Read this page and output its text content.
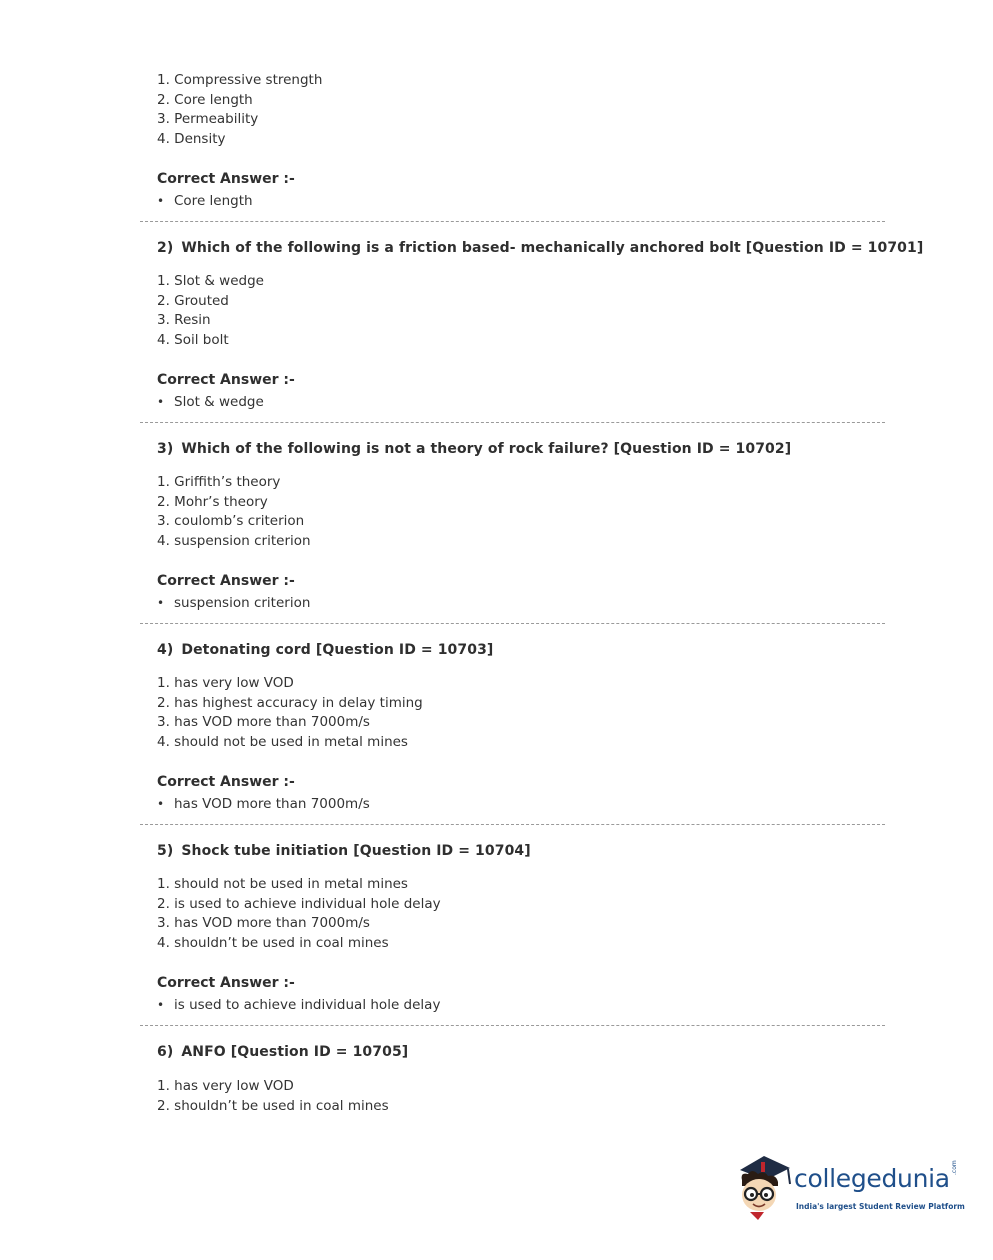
1. Compressive strength
2. Core length
3. Permeability
4. Density
Correct Answer :-
• Core length
2) Which of the following is a friction based- mechanically anchored bolt [Question ID = 10701]
1. Slot & wedge
2. Grouted
3. Resin
4. Soil bolt
Correct Answer :-
• Slot & wedge
3) Which of the following is not a theory of rock failure? [Question ID = 10702]
1. Griffith’s theory
2. Mohr’s theory
3. coulomb’s criterion
4. suspension criterion
Correct Answer :-
• suspension criterion
4) Detonating cord [Question ID = 10703]
1. has very low VOD
2. has highest accuracy in delay timing
3. has VOD more than 7000m/s
4. should not be used in metal mines
Correct Answer :-
• has VOD more than 7000m/s
5) Shock tube initiation [Question ID = 10704]
1. should not be used in metal mines
2. is used to achieve individual hole delay
3. has VOD more than 7000m/s
4. shouldn’t be used in coal mines
Correct Answer :-
• is used to achieve individual hole delay
6) ANFO [Question ID = 10705]
1. has very low VOD
2. shouldn’t be used in coal mines
collegedunia .com
India's largest Student Review Platform
